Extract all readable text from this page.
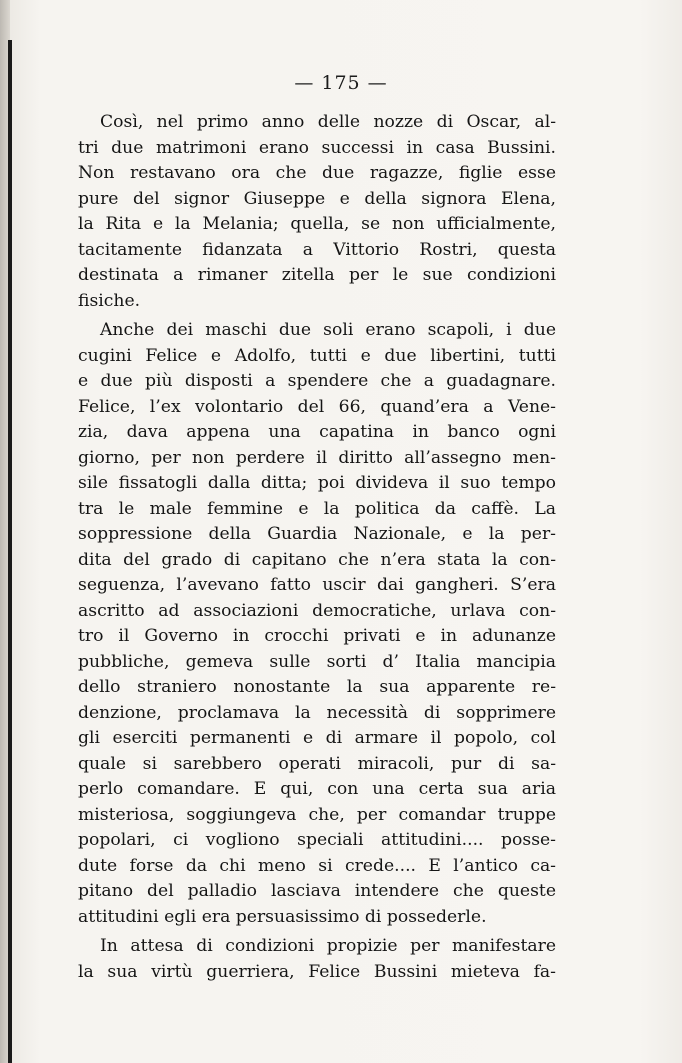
— 175 —
Così, nel primo anno delle nozze di Oscar, al-
tri due matrimoni erano successi in casa Bussini.
Non restavano ora che due ragazze, figlie esse
pure del signor Giuseppe e della signora Elena,
la Rita e la Melania; quella, se non ufficialmente,
tacitamente fidanzata a Vittorio Rostri, questa
destinata a rimaner zitella per le sue condizioni
fisiche.
Anche dei maschi due soli erano scapoli, i due
cugini Felice e Adolfo, tutti e due libertini, tutti
e due più disposti a spendere che a guadagnare.
Felice, l’ex volontario del 66, quand’era a Vene-
zia, dava appena una capatina in banco ogni
giorno, per non perdere il diritto all’assegno men-
sile fissatogli dalla ditta; poi divideva il suo tempo
tra le male femmine e la politica da caffè. La
soppressione della Guardia Nazionale, e la per-
dita del grado di capitano che n’era stata la con-
seguenza, l’avevano fatto uscir dai gangheri. S’era
ascritto ad associazioni democratiche, urlava con-
tro il Governo in crocchi privati e in adunanze
pubbliche, gemeva sulle sorti d’ Italia mancipia
dello straniero nonostante la sua apparente re-
denzione, proclamava la necessità di sopprimere
gli eserciti permanenti e di armare il popolo, col
quale si sarebbero operati miracoli, pur di sa-
perlo comandare. E qui, con una certa sua aria
misteriosa, soggiungeva che, per comandar truppe
popolari, ci vogliono speciali attitudini.... posse-
dute forse da chi meno si crede.... E l’antico ca-
pitano del palladio lasciava intendere che queste
attitudini egli era persuasissimo di possederle.
In attesa di condizioni propizie per manifestare
la sua virtù guerriera, Felice Bussini mieteva fa-
